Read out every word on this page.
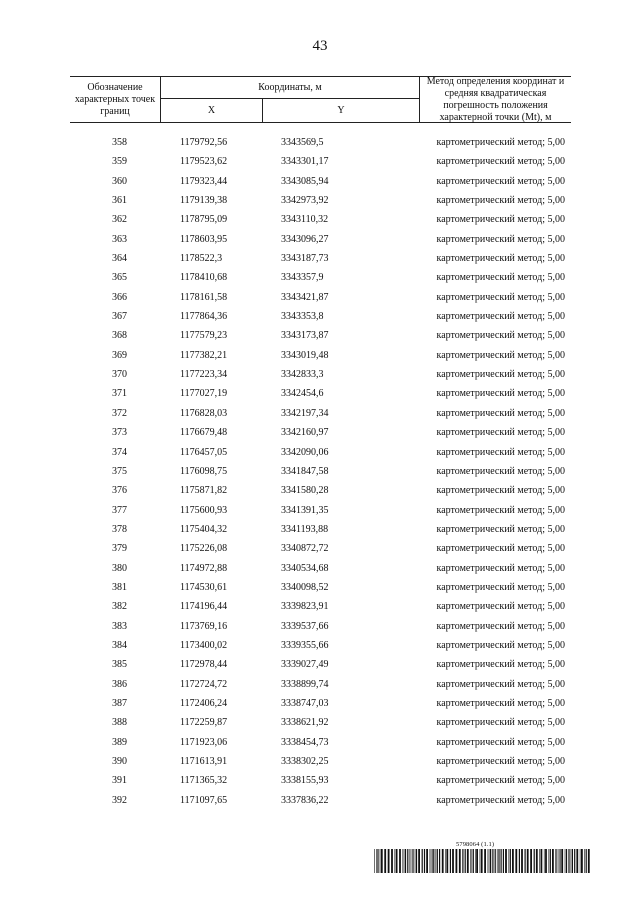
43
Обозначение характерных точек границ
Координаты, м
X	Y
Метод определения координат и средняя квадратическая погрешность положения характерной точки (Мt), м
358	1179792,56	3343569,5	картометрический метод; 5,00
359	1179523,62	3343301,17	картометрический метод; 5,00
360	1179323,44	3343085,94	картометрический метод; 5,00
361	1179139,38	3342973,92	картометрический метод; 5,00
362	1178795,09	3343110,32	картометрический метод; 5,00
363	1178603,95	3343096,27	картометрический метод; 5,00
364	1178522,3	3343187,73	картометрический метод; 5,00
365	1178410,68	3343357,9	картометрический метод; 5,00
366	1178161,58	3343421,87	картометрический метод; 5,00
367	1177864,36	3343353,8	картометрический метод; 5,00
368	1177579,23	3343173,87	картометрический метод; 5,00
369	1177382,21	3343019,48	картометрический метод; 5,00
370	1177223,34	3342833,3	картометрический метод; 5,00
371	1177027,19	3342454,6	картометрический метод; 5,00
372	1176828,03	3342197,34	картометрический метод; 5,00
373	1176679,48	3342160,97	картометрический метод; 5,00
374	1176457,05	3342090,06	картометрический метод; 5,00
375	1176098,75	3341847,58	картометрический метод; 5,00
376	1175871,82	3341580,28	картометрический метод; 5,00
377	1175600,93	3341391,35	картометрический метод; 5,00
378	1175404,32	3341193,88	картометрический метод; 5,00
379	1175226,08	3340872,72	картометрический метод; 5,00
380	1174972,88	3340534,68	картометрический метод; 5,00
381	1174530,61	3340098,52	картометрический метод; 5,00
382	1174196,44	3339823,91	картометрический метод; 5,00
383	1173769,16	3339537,66	картометрический метод; 5,00
384	1173400,02	3339355,66	картометрический метод; 5,00
385	1172978,44	3339027,49	картометрический метод; 5,00
386	1172724,72	3338899,74	картометрический метод; 5,00
387	1172406,24	3338747,03	картометрический метод; 5,00
388	1172259,87	3338621,92	картометрический метод; 5,00
389	1171923,06	3338454,73	картометрический метод; 5,00
390	1171613,91	3338302,25	картометрический метод; 5,00
391	1171365,32	3338155,93	картометрический метод; 5,00
392	1171097,65	3337836,22	картометрический метод; 5,00
5798064 (1.1)
